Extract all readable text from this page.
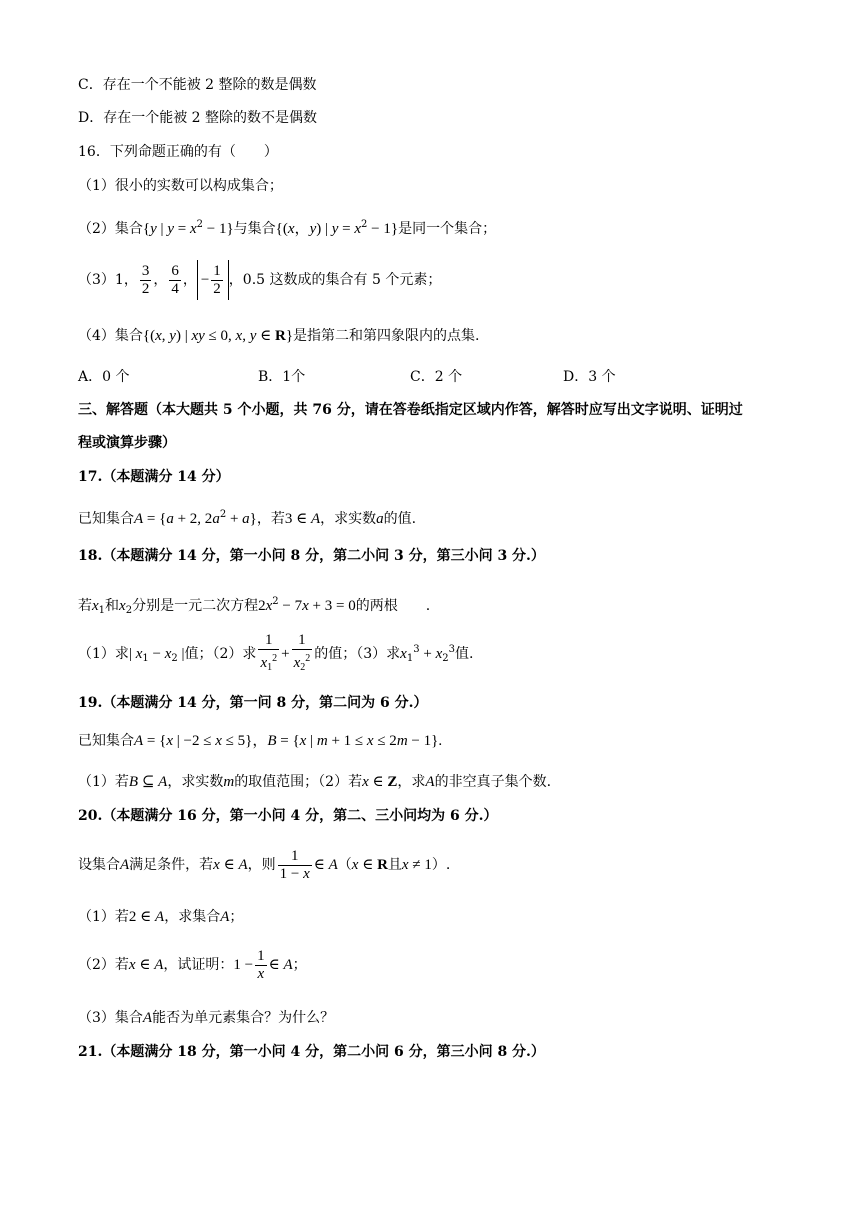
C．存在一个不能被 2 整除的数是偶数
D．存在一个能被 2 整除的数不是偶数
16．下列命题正确的有（　　）
（1）很小的实数可以构成集合；
（2）集合{y | $y = x^2 - 1$}与集合{(x，y) | $y = x^2 - 1$}是同一个集合；
（3）1， $\frac{3}{2}$ ， $\frac{6}{4}$ ， − $\frac{1}{2}$ ，0.5 这数成的集合有 5 个元素；
（4）集合{(x, y) | xy ≤ 0, x, y ∈ R}是指第二和第四象限内的点集.
A．0 个	B．1个	C．2 个	D．3 个
三、解答题（本大题共 5 个小题，共 76 分，请在答卷纸指定区域内作答，解答时应写出文字说明、证明过
程或演算步骤）
17.（本题满分 14 分）
已知集合A = {a + 2, $2a^2 + a$}，若3 ∈ A，求实数a的值.
18.（本题满分 14 分，第一小问 8 分，第二小问 3 分，第三小问 3 分.）
若$x_1$和$x_2$分别是一元二次方程$2x^2 - 7x + 3 = 0$的两根　　.
（1）求| $x_1 - x_2$ |值；（2）求 $\frac{1}{x_1^2} + \frac{1}{x_2^2}$ 的值；（3）求$x_1^3 + x_2^3$值.
19.（本题满分 14 分，第一问 8 分，第二问为 6 分.）
已知集合A = {x | −2 ≤ x ≤ 5}，B = {x | m + 1 ≤ x ≤ 2m − 1}.
（1）若B ⊆ A，求实数m的取值范围；（2）若x ∈ Z，求A的非空真子集个数.
20.（本题满分 16 分，第一小问 4 分，第二、三小问均为 6 分.）
设集合A满足条件，若x ∈ A，则 $\frac{1}{1 - x}$ ∈ A（x ∈ R且x ≠ 1）.
（1）若2 ∈ A，求集合A；
（2）若x ∈ A，试证明：$1 - \frac{1}{x}$ ∈ A；
（3）集合A能否为单元素集合？为什么？
21.（本题满分 18 分，第一小问 4 分，第二小问 6 分，第三小问 8 分.）
